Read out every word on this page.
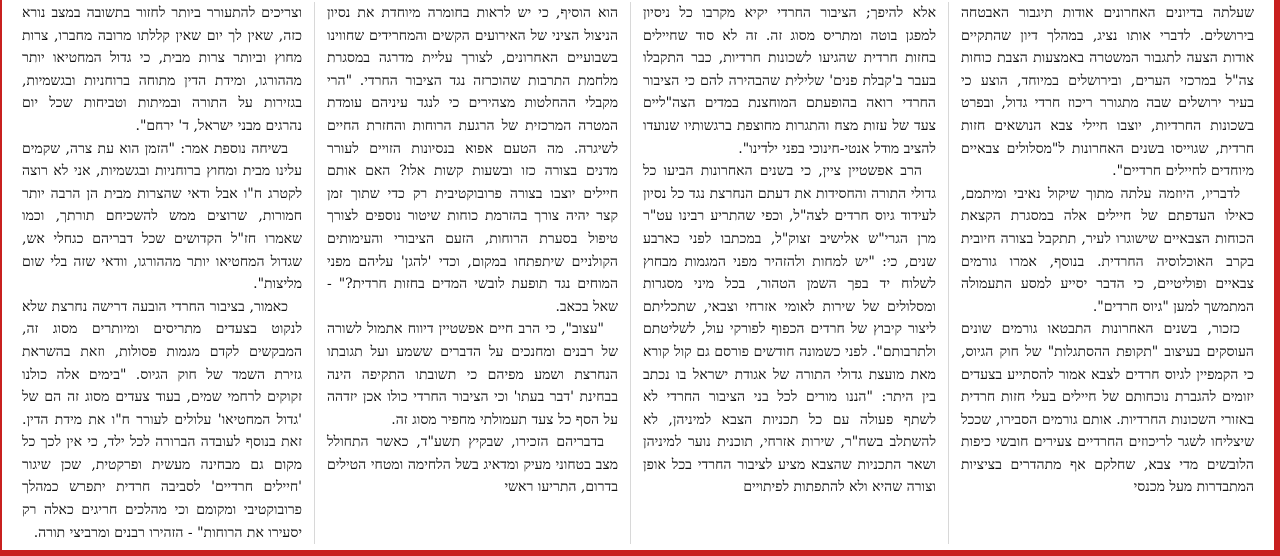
שעלתה בדיונים האחרונים אודות תיגבור האבטחה בירושלים. לדברי אותו נציג, במהלך דיון שהתקיים אודות הצעה לתגבור המשטרה באמצעות הצבת כוחות צה"ל במרכזי הערים, ובירושלים במיוחד, הוצע כי בעיר ירושלים שבה מתגורר ריכוז חרדי גדול, ובפרט בשכונות החרדיות, יוצבו חיילי צבא הנושאים חזות חרדית, שגוייסו בשנים האחרונות ל"מסלולים צבאיים מיוחדים לחיילים חרדיים".

לדבריו, היוזמה עלתה מתוך שיקול נאיבי ומיתמם, כאילו העדפתם של חיילים אלה במסגרת הקצאת הכוחות הצבאיים שישוגרו לעיר, תתקבל בצורה חיובית בקרב האוכלוסיה החרדית. בנוסף, אמרו גורמים צבאיים ופוליטיים, כי הדבר יסייע למסע התעמולה המתמשך למען "גיוס חרדים".

כזכור, בשנים האחרונות התבטאו גורמים שונים העוסקים בעיצוב "תקופת ההסתגלות" של חוק הגיוס, כי הקמפיין לגיוס חרדים לצבא אמור להסתייע בצעדים יזומים להגברת נוכחותם של חיילים בעלי חזות חרדית באזורי השכונות החרדיות. אותם גורמים הסבירו, שככל שיצליחו לשגר לריכוזים החרדיים צעירים חובשי כיפות הלובשים מדי צבא, שחלקם אף מתהדרים בציציות המתבדרות מעל מכנסי

אלא להיפך; הציבור החרדי יקיא מקרבו כל ניסיון למפגן בוטה ומתריס מסוג זה. זה לא סוד שחיילים בחזות חרדית שהגיעו לשכונות חרדיות, כבר התקבלו בעבר ב'קבלת פנים' שלילית שהבהירה להם כי הציבור החרדי רואה בהופעתם המוחצנת במדים הצה"ליים צעד של עזות מצח והתגרות מחוצפת ברגשותיו שנועדו להציב מודל אנטי-חינוכי בפני ילדינו".

הרב אפשטיין ציין, כי בשנים האחרונות הביעו כל גדולי התורה והחסידות את דעתם הנחרצת נגד כל נסיון לעידוד גיוס חרדים לצה"ל, וכפי שהתריע רבינו עט"ר מרן הגרי"ש אלישיב זצוק"ל, במכתבו לפני כארבע שנים, כי: "יש למחות ולהזהיר מפני המגמות מבחוץ לשלוח יד בפך השמן הטהור, בכל מיני מסגרות ומסלולים של שירות לאומי אזרחי וצבאי, שתכליתם ליצור קיבוץ של חרדים הכפוף לפורקי עול, לשליטתם ולתרבותם". לפני כשמונה חודשים פורסם גם קול קורא מאת מועצת גדולי התורה של אגודת ישראל בו נכתב בין היתר: "הננו מורים לכל בני הציבור החרדי לא לשתף פעולה עם כל תכניות הצבא למיניהן, לא להשתלב בשח"ר, שירות אזרחי, תוכנית נוער למיניהן ושאר התכניות שהצבא מציע לציבור החרדי בכל אופן וצורה שהיא ולא להתפתות לפיתויים

הוא הוסיף, כי יש לראות בחומרה מיוחדת את נסיון הניצול הציני של האירועים הקשים והמחרידים שחווינו בשבועיים האחרונים, לצורך עליית מדרגה במסגרת מלחמת התרבות שהוכרזה נגד הציבור החרדי. "הרי מקבלי ההחלטות מצהירים כי לנגד עיניהם עומדת המטרה המרכזית של הרגעת הרוחות והחזרת החיים לשיגרה. מה הטעם אפוא בנסיונות הזויים לעורר מדנים בצורה כזו ובשעות קשות אלו? האם אותם חיילים יוצבו בצורה פרובוקטיבית רק כדי שתוך זמן קצר יהיה צורך בהזרמת כוחות שיטור נוספים לצורך טיפול בסערת הרוחות, הזעם הציבורי והעימותים הקולניים שיתפתחו במקום, וכדי 'להגן' עליהם מפני המוחים נגד תופעת לובשי המדים בחזות חרדית?" - שאל בכאב.

"עצוב", כי הרב חיים אפשטיין דיווח אתמול לשורה של רבנים ומחנכים על הדברים ששמע ועל תגובתו הנחרצת ושמע מפיהם כי תשובתו התקיפה הינה בבחינת 'דבר בעתו' וכי הציבור החרדי כולו אכן יזדהה על הסף כל צעד תעמולתי מחפיר מסוג זה.

בדבריהם הזכירו, שבקיץ תשע"ד, כאשר התחולל מצב בטחוני מעיק ומדאיג בשל הלחימה ומטחי הטילים בדרום, התריעו ראשי

וצריכים להתעורר ביותר לחזור בתשובה במצב נורא כזה, שאין לך יום שאין קללתו מרובה מחברו, צרות מחוץ וביותר צרות מבית, כי גדול המחטיאו יותר מההורגו, ומידת הדין מתוחה ברוחניות ובגשמיות, בגזירות על התורה ובמיתות וטביחות שכל יום נהרגים מבני ישראל, ד' ירחם".

בשיחה נוספת אמר: "הזמן הוא עת צרה, שקמים עלינו מבית ומחוץ ברוחניות ובגשמיות, אני לא רוצה לקטרג ח"ו אבל ודאי שהצרות מבית הן הרבה יותר חמורות, שרוצים ממש להשכיחם תורתך, וכמו שאמרו חז"ל הקדושים שכל דבריהם כגחלי אש, שגדול המחטיאו יותר מההורגו, וודאי שזה בלי שום מליצות".

כאמור, בציבור החרדי הובעה דרישה נחרצת שלא לנקוט בצעדים מתריסים ומיותרים מסוג זה, המבקשים לקדם מגמות פסולות, וזאת בהשראת גזירת השמד של חוק הגיוס. "בימים אלה כולנו זקוקים לרחמי שמים, בעוד צעדים מסוג זה הם של 'גדול המחטיאו' עלולים לעורר ח"ו את מידת הדין. זאת בנוסף לעובדה הברורה לכל ילד, כי אין לכך כל מקום גם מבחינה מעשית ופרקטית, שכן שיגור 'חיילים חרדיים' לסביבה חרדית יתפרש כמהלך פרובוקטיבי ומקומם וכי מהלכים חריגים כאלה רק יסעירו את הרוחות" - הזהירו רבנים ומרביצי תורה.
